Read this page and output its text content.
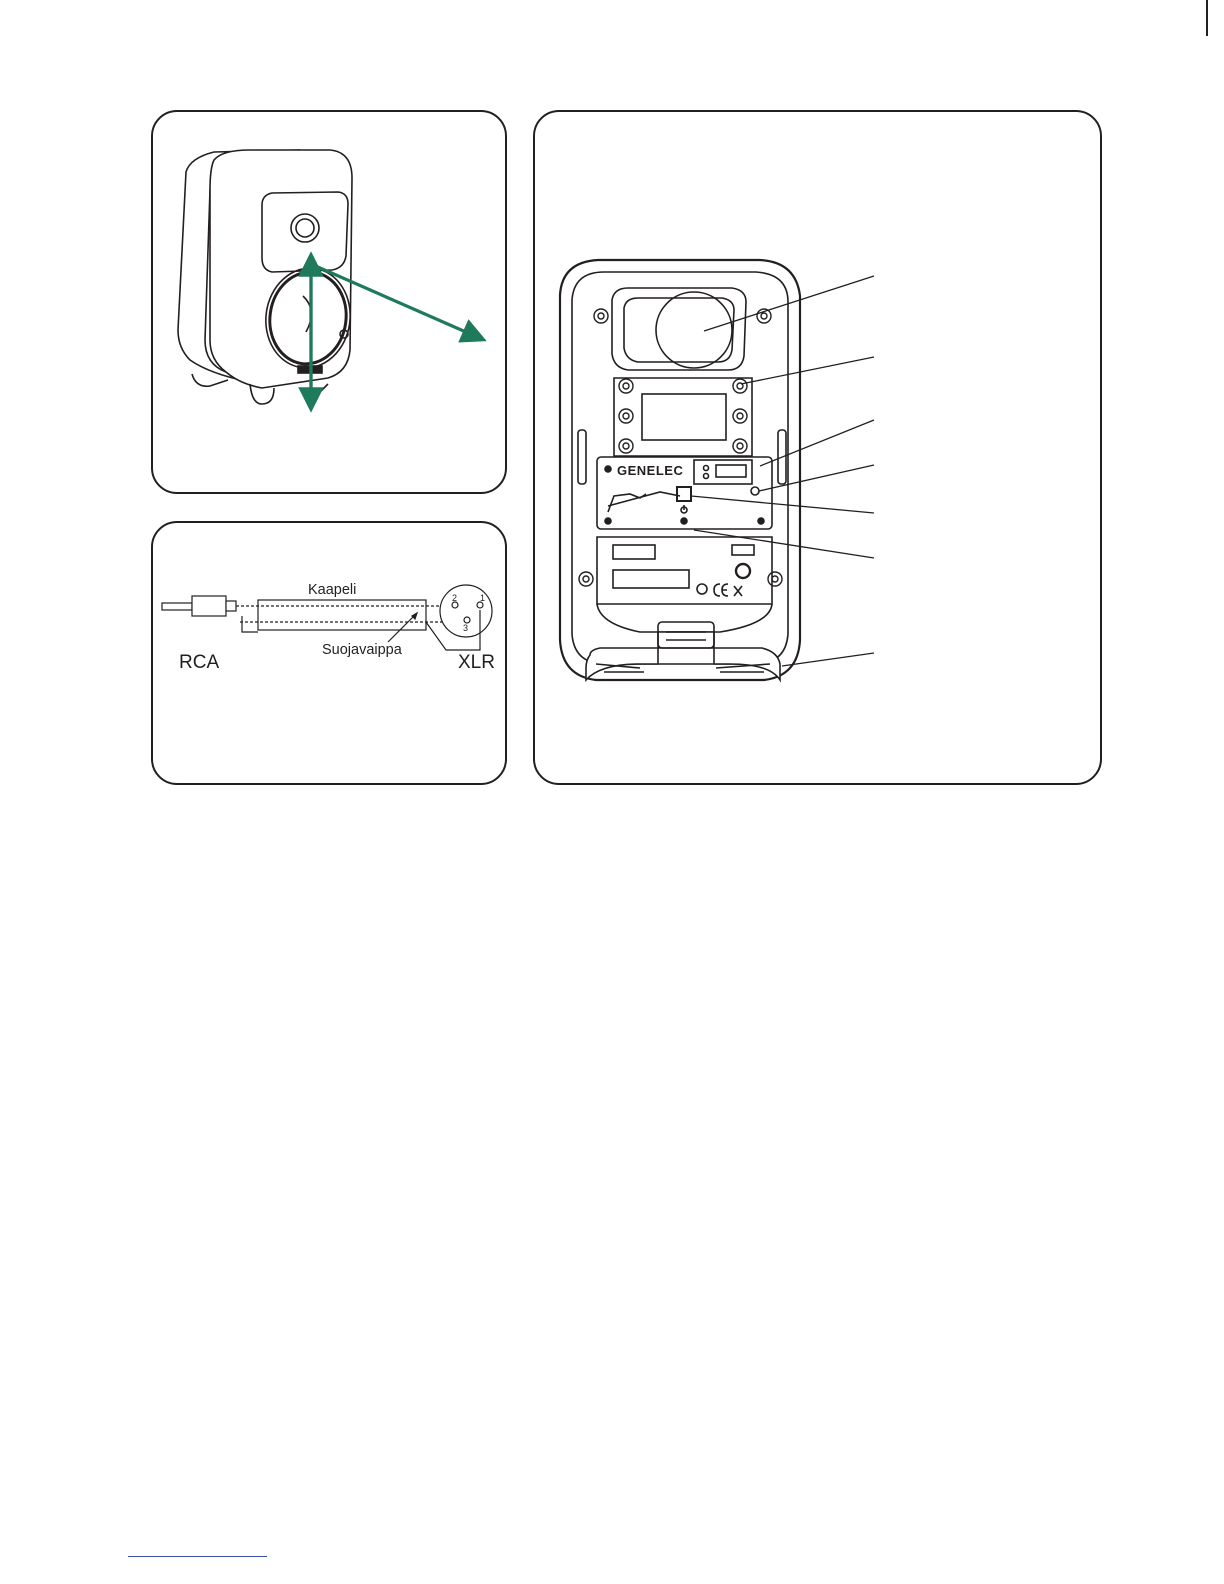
GENELEC
Kaapeli
Suojavaippa
RCA	XLR
1
2
3
